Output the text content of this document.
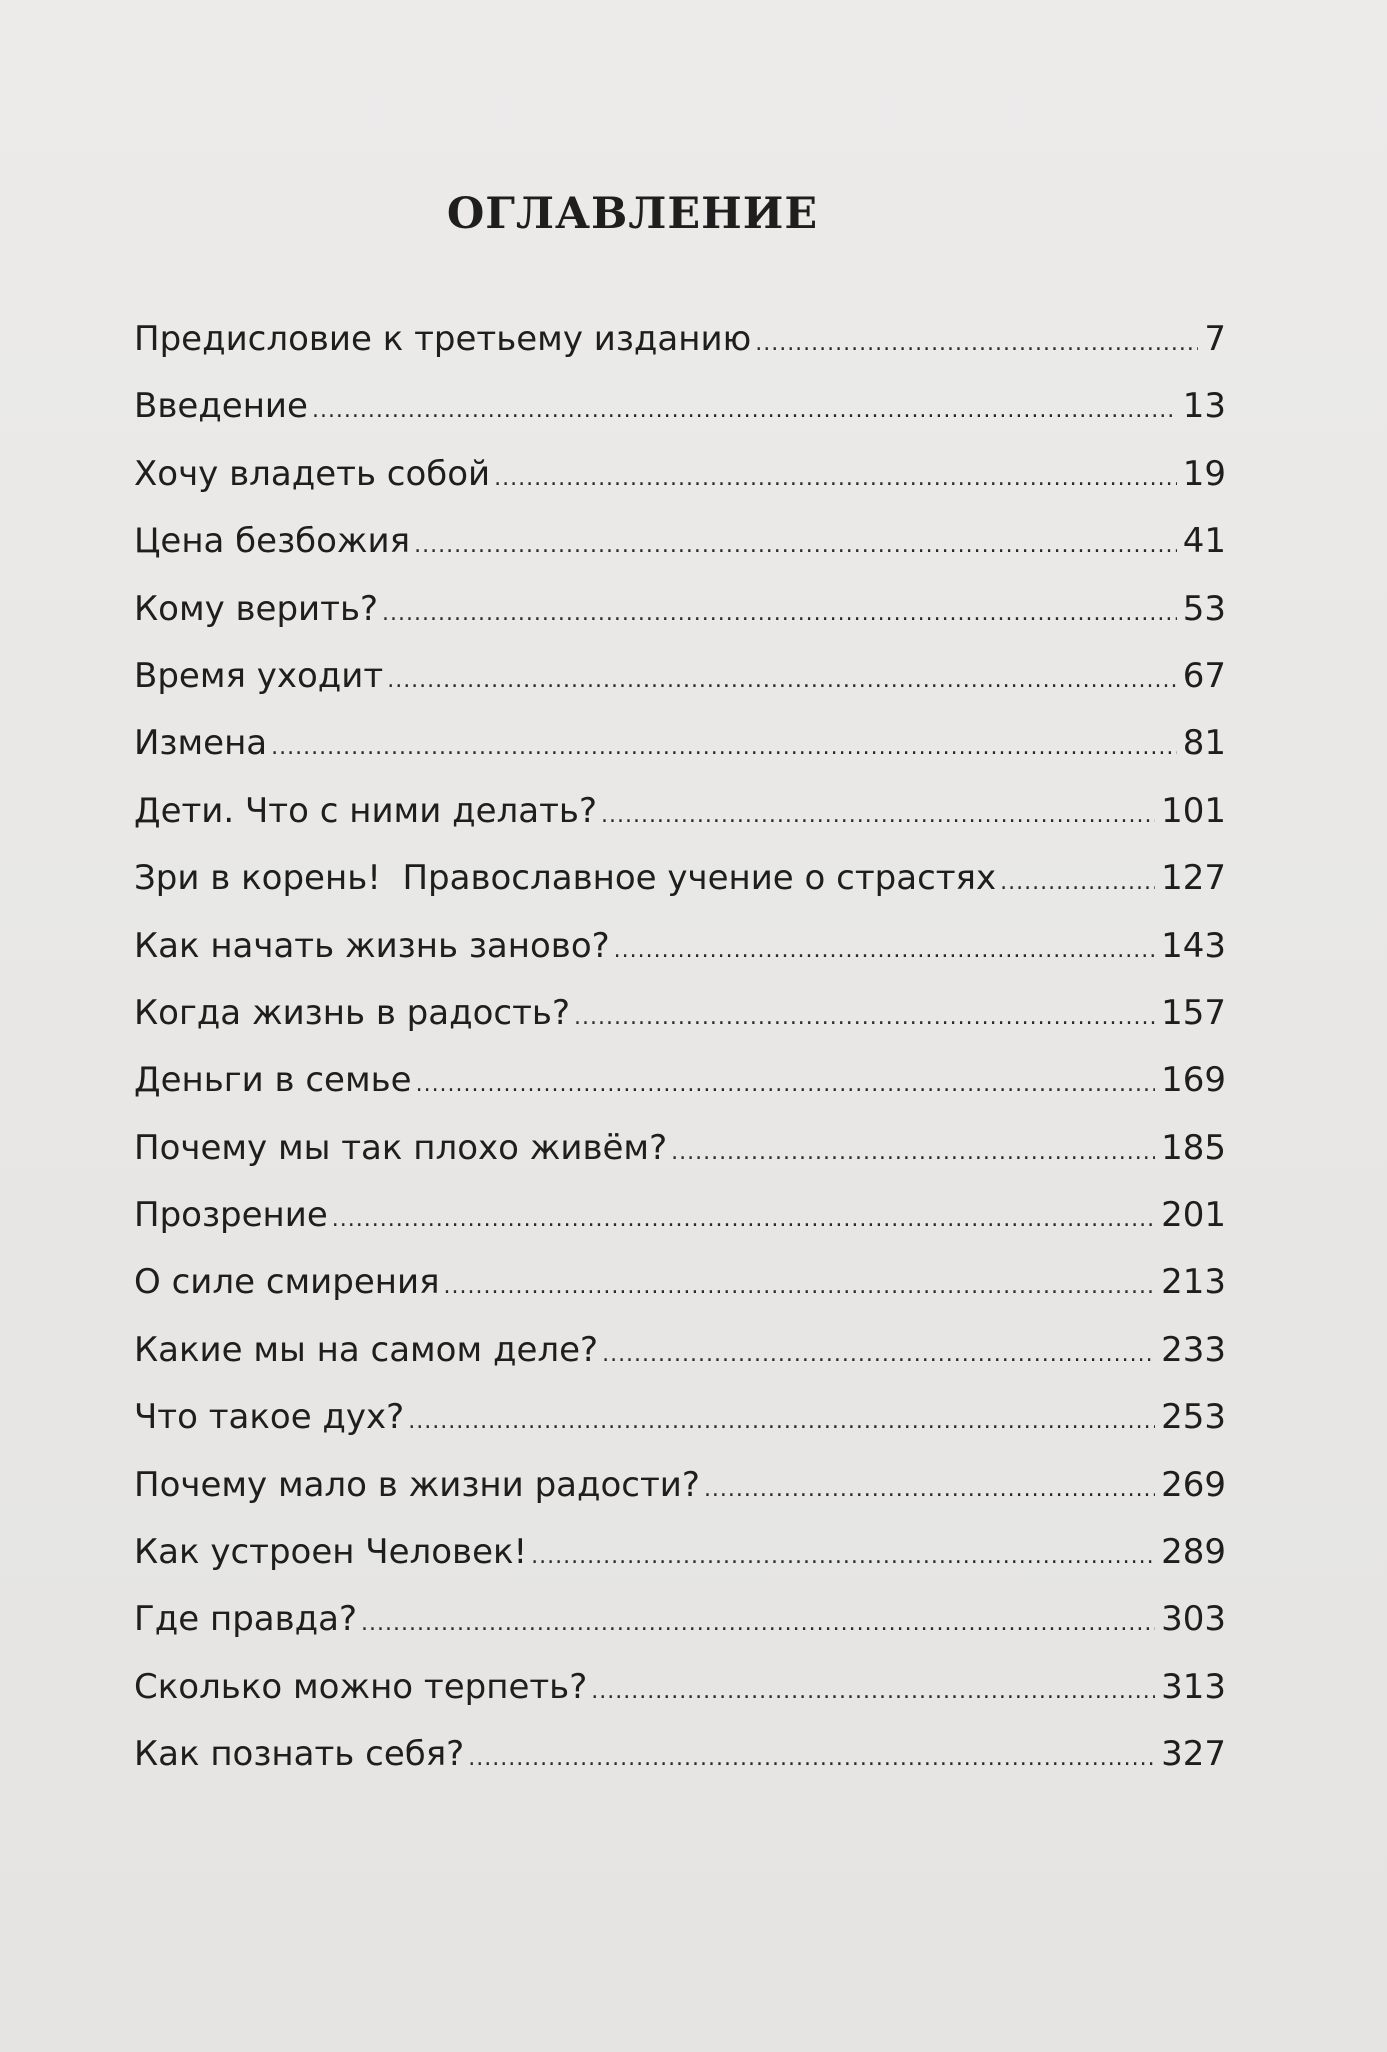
ОГЛАВЛЕНИЕ
Предисловие к третьему изданию .....	7
Введение .....	13
Хочу владеть собой .....	19
Цена безбожия .....	41
Кому верить? .....	53
Время уходит .....	67
Измена .....	81
Дети. Что с ними делать? .....	101
Зри в корень!  Православное учение о страстях .....	127
Как начать жизнь заново? .....	143
Когда жизнь в радость? .....	157
Деньги в семье .....	169
Почему мы так плохо живём? .....	185
Прозрение .....	201
О силе смирения .....	213
Какие мы на самом деле? .....	233
Что такое дух? .....	253
Почему мало в жизни радости? .....	269
Как устроен Человек! .....	289
Где правда? .....	303
Сколько можно терпеть? .....	313
Как познать себя? .....	327
